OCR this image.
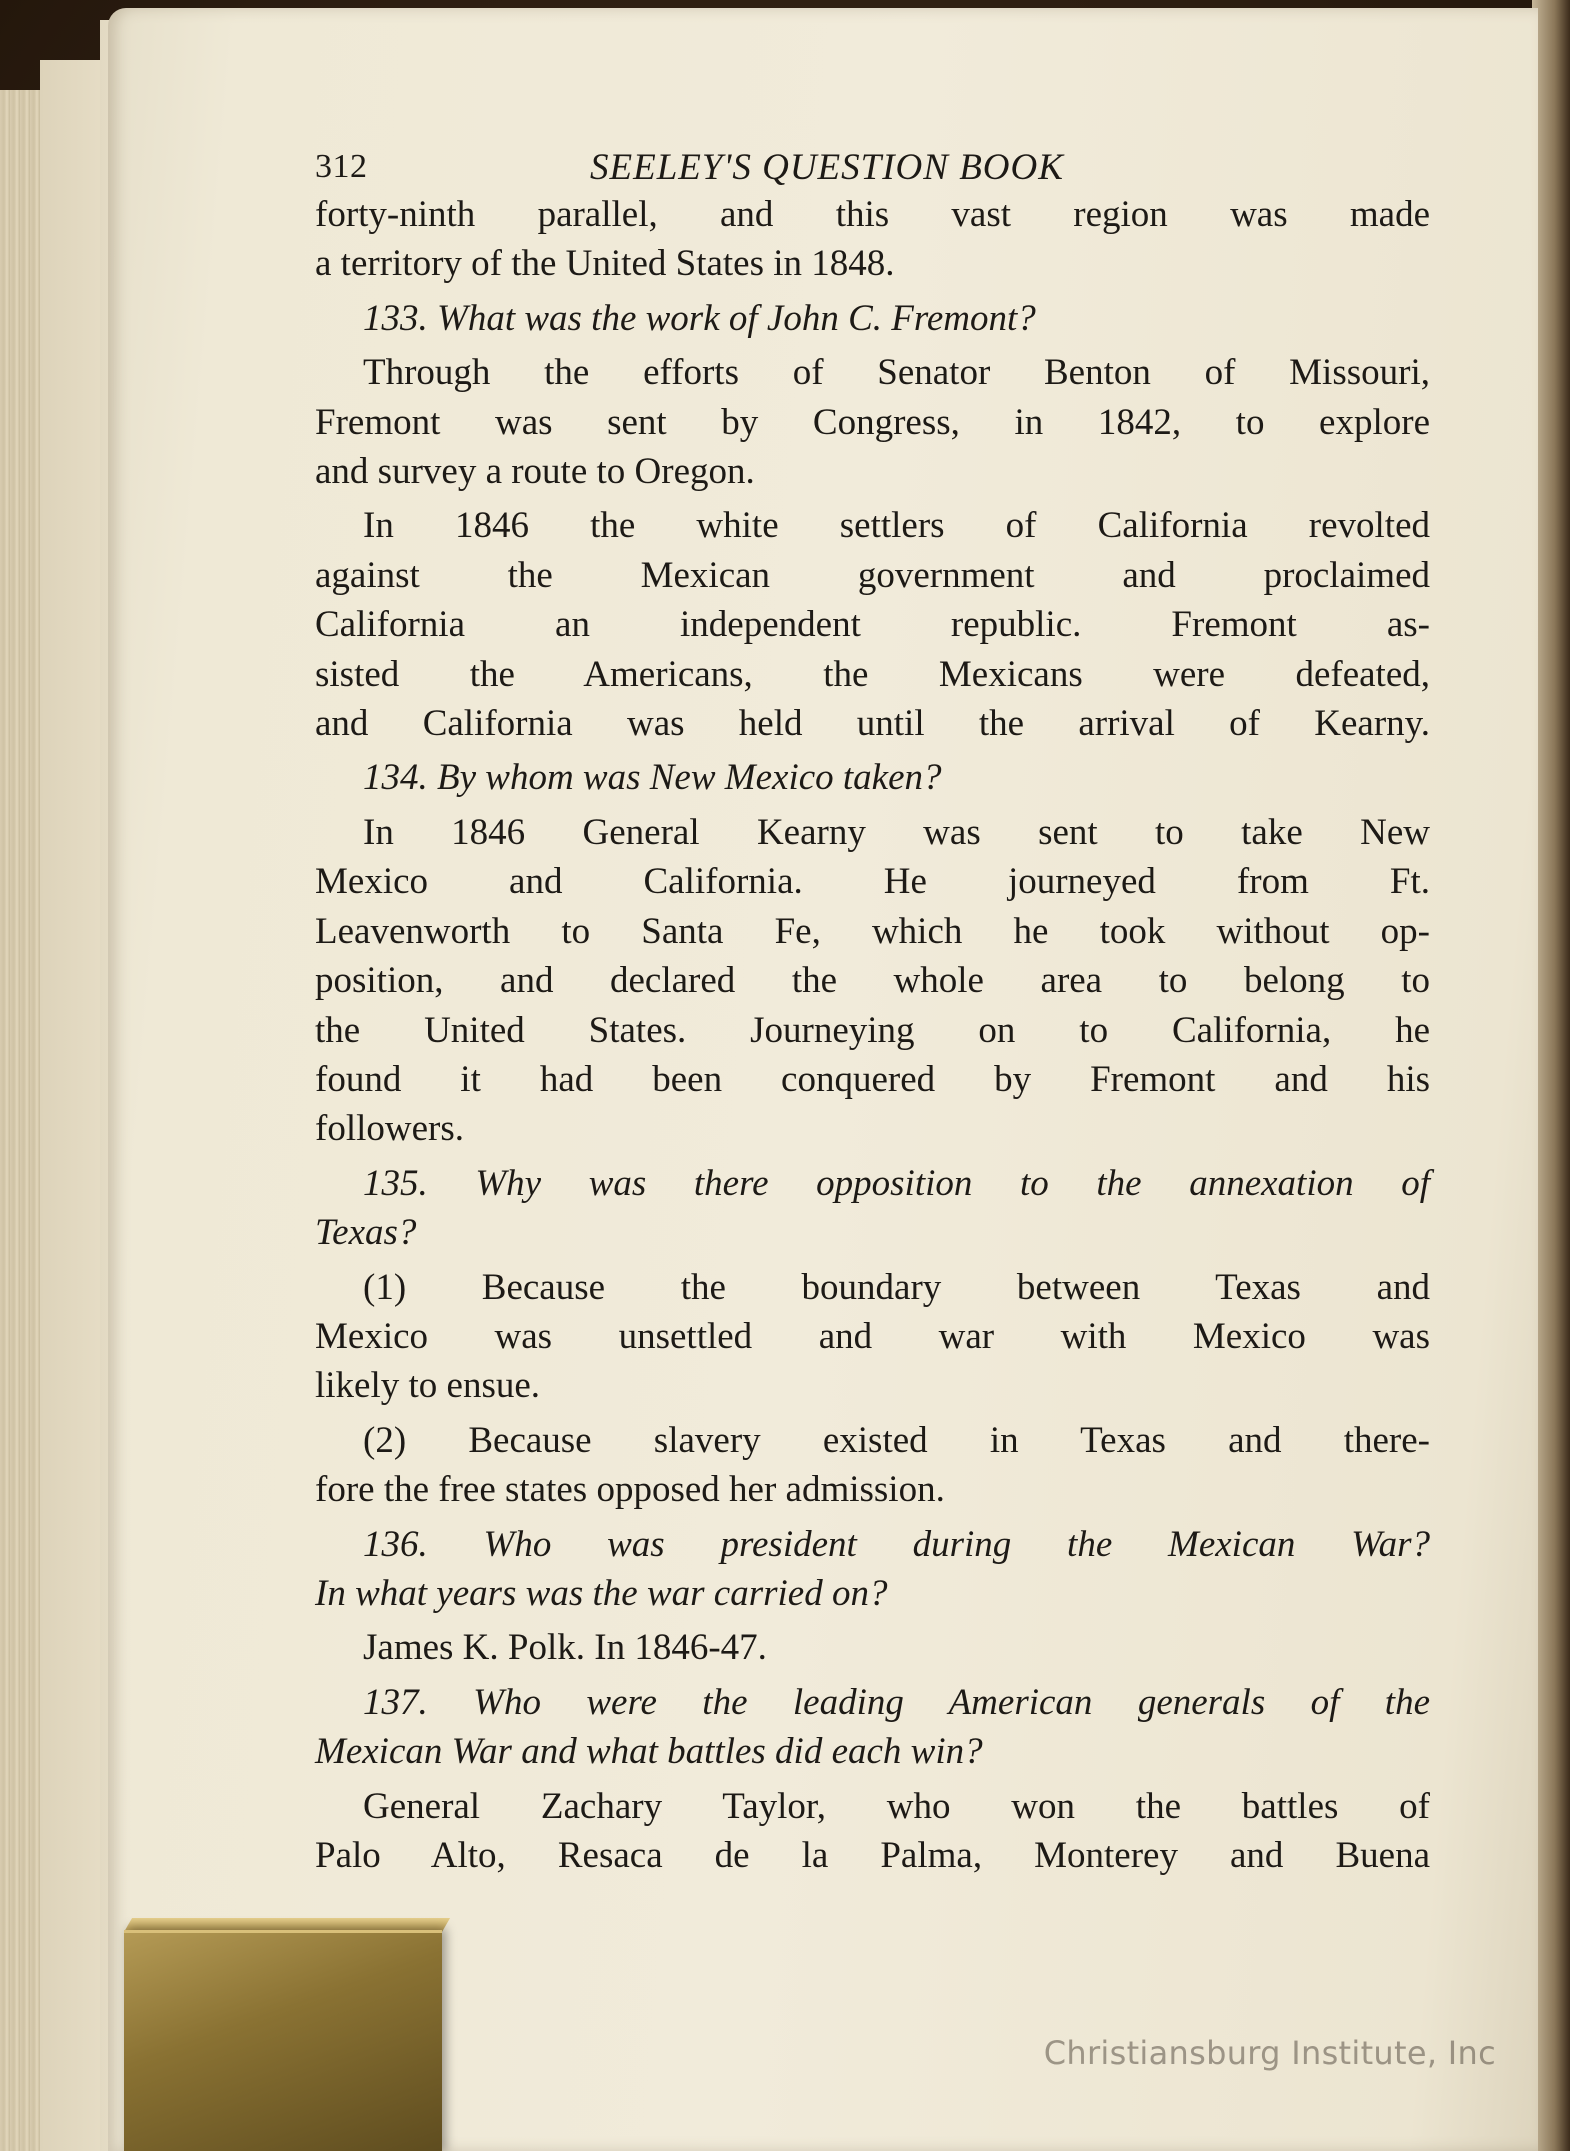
312	SEELEY'S QUESTION BOOK
forty-ninth parallel, and this vast region was made
a territory of the United States in 1848.
133. What was the work of John C. Fremont?
Through the efforts of Senator Benton of Missouri,
Fremont was sent by Congress, in 1842, to explore
and survey a route to Oregon.
In 1846 the white settlers of California revolted
against the Mexican government and proclaimed
California an independent republic. Fremont as-
sisted the Americans, the Mexicans were defeated,
and California was held until the arrival of Kearny.
134. By whom was New Mexico taken?
In 1846 General Kearny was sent to take New
Mexico and California. He journeyed from Ft.
Leavenworth to Santa Fe, which he took without op-
position, and declared the whole area to belong to
the United States. Journeying on to California, he
found it had been conquered by Fremont and his
followers.
135. Why was there opposition to the annexation of
Texas?
(1) Because the boundary between Texas and
Mexico was unsettled and war with Mexico was
likely to ensue.
(2) Because slavery existed in Texas and there-
fore the free states opposed her admission.
136. Who was president during the Mexican War?
In what years was the war carried on?
James K. Polk. In 1846-47.
137. Who were the leading American generals of the
Mexican War and what battles did each win?
General Zachary Taylor, who won the battles of
Palo Alto, Resaca de la Palma, Monterey and Buena
Christiansburg Institute, Inc
